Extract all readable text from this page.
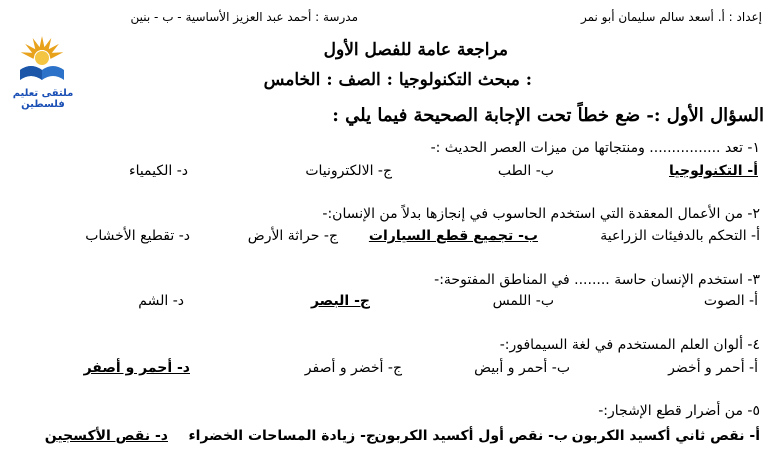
إعداد : أ. أسعد سالم سليمان أبو نمر
مدرسة : أحمد عبد العزيز الأساسية - ب - بنين
ملتقى تعليم فلسطين
مراجعة عامة للفصل الأول
: مبحث التكنولوجيا : الصف : الخامس
السؤال الأول :- ضع خطاً تحت الإجابة الصحيحة فيما يلي :
١- تعد ................ ومنتجاتها من ميزات العصر الحديث :-
أ- التكنولوجيا
ب- الطب
ج- الالكترونيات
د- الكيمياء
٢- من الأعمال المعقدة التي استخدم الحاسوب في إنجازها بدلاً من الإنسان:-
أ- التحكم بالدفيئات الزراعية
ب- تجميع قطع السيارات
ج- حراثة الأرض
د- تقطيع الأخشاب
٣- استخدم الإنسان حاسة ........ في المناطق المفتوحة:-
أ- الصوت
ب- اللمس
ج- البصر
د- الشم
٤- ألوان العلم المستخدم في لغة السيمافور:-
أ- أحمر و أخضر
ب- أحمر و أبيض
ج- أخضر و أصفر
د- أحمر و أصفر
٥- من أضرار قطع الإشجار:-
أ- نقص ثاني أكسيد الكربون
ب- نقص أول أكسيد الكربون
ج- زيادة المساحات الخضراء
د- نقص الأكسجين
